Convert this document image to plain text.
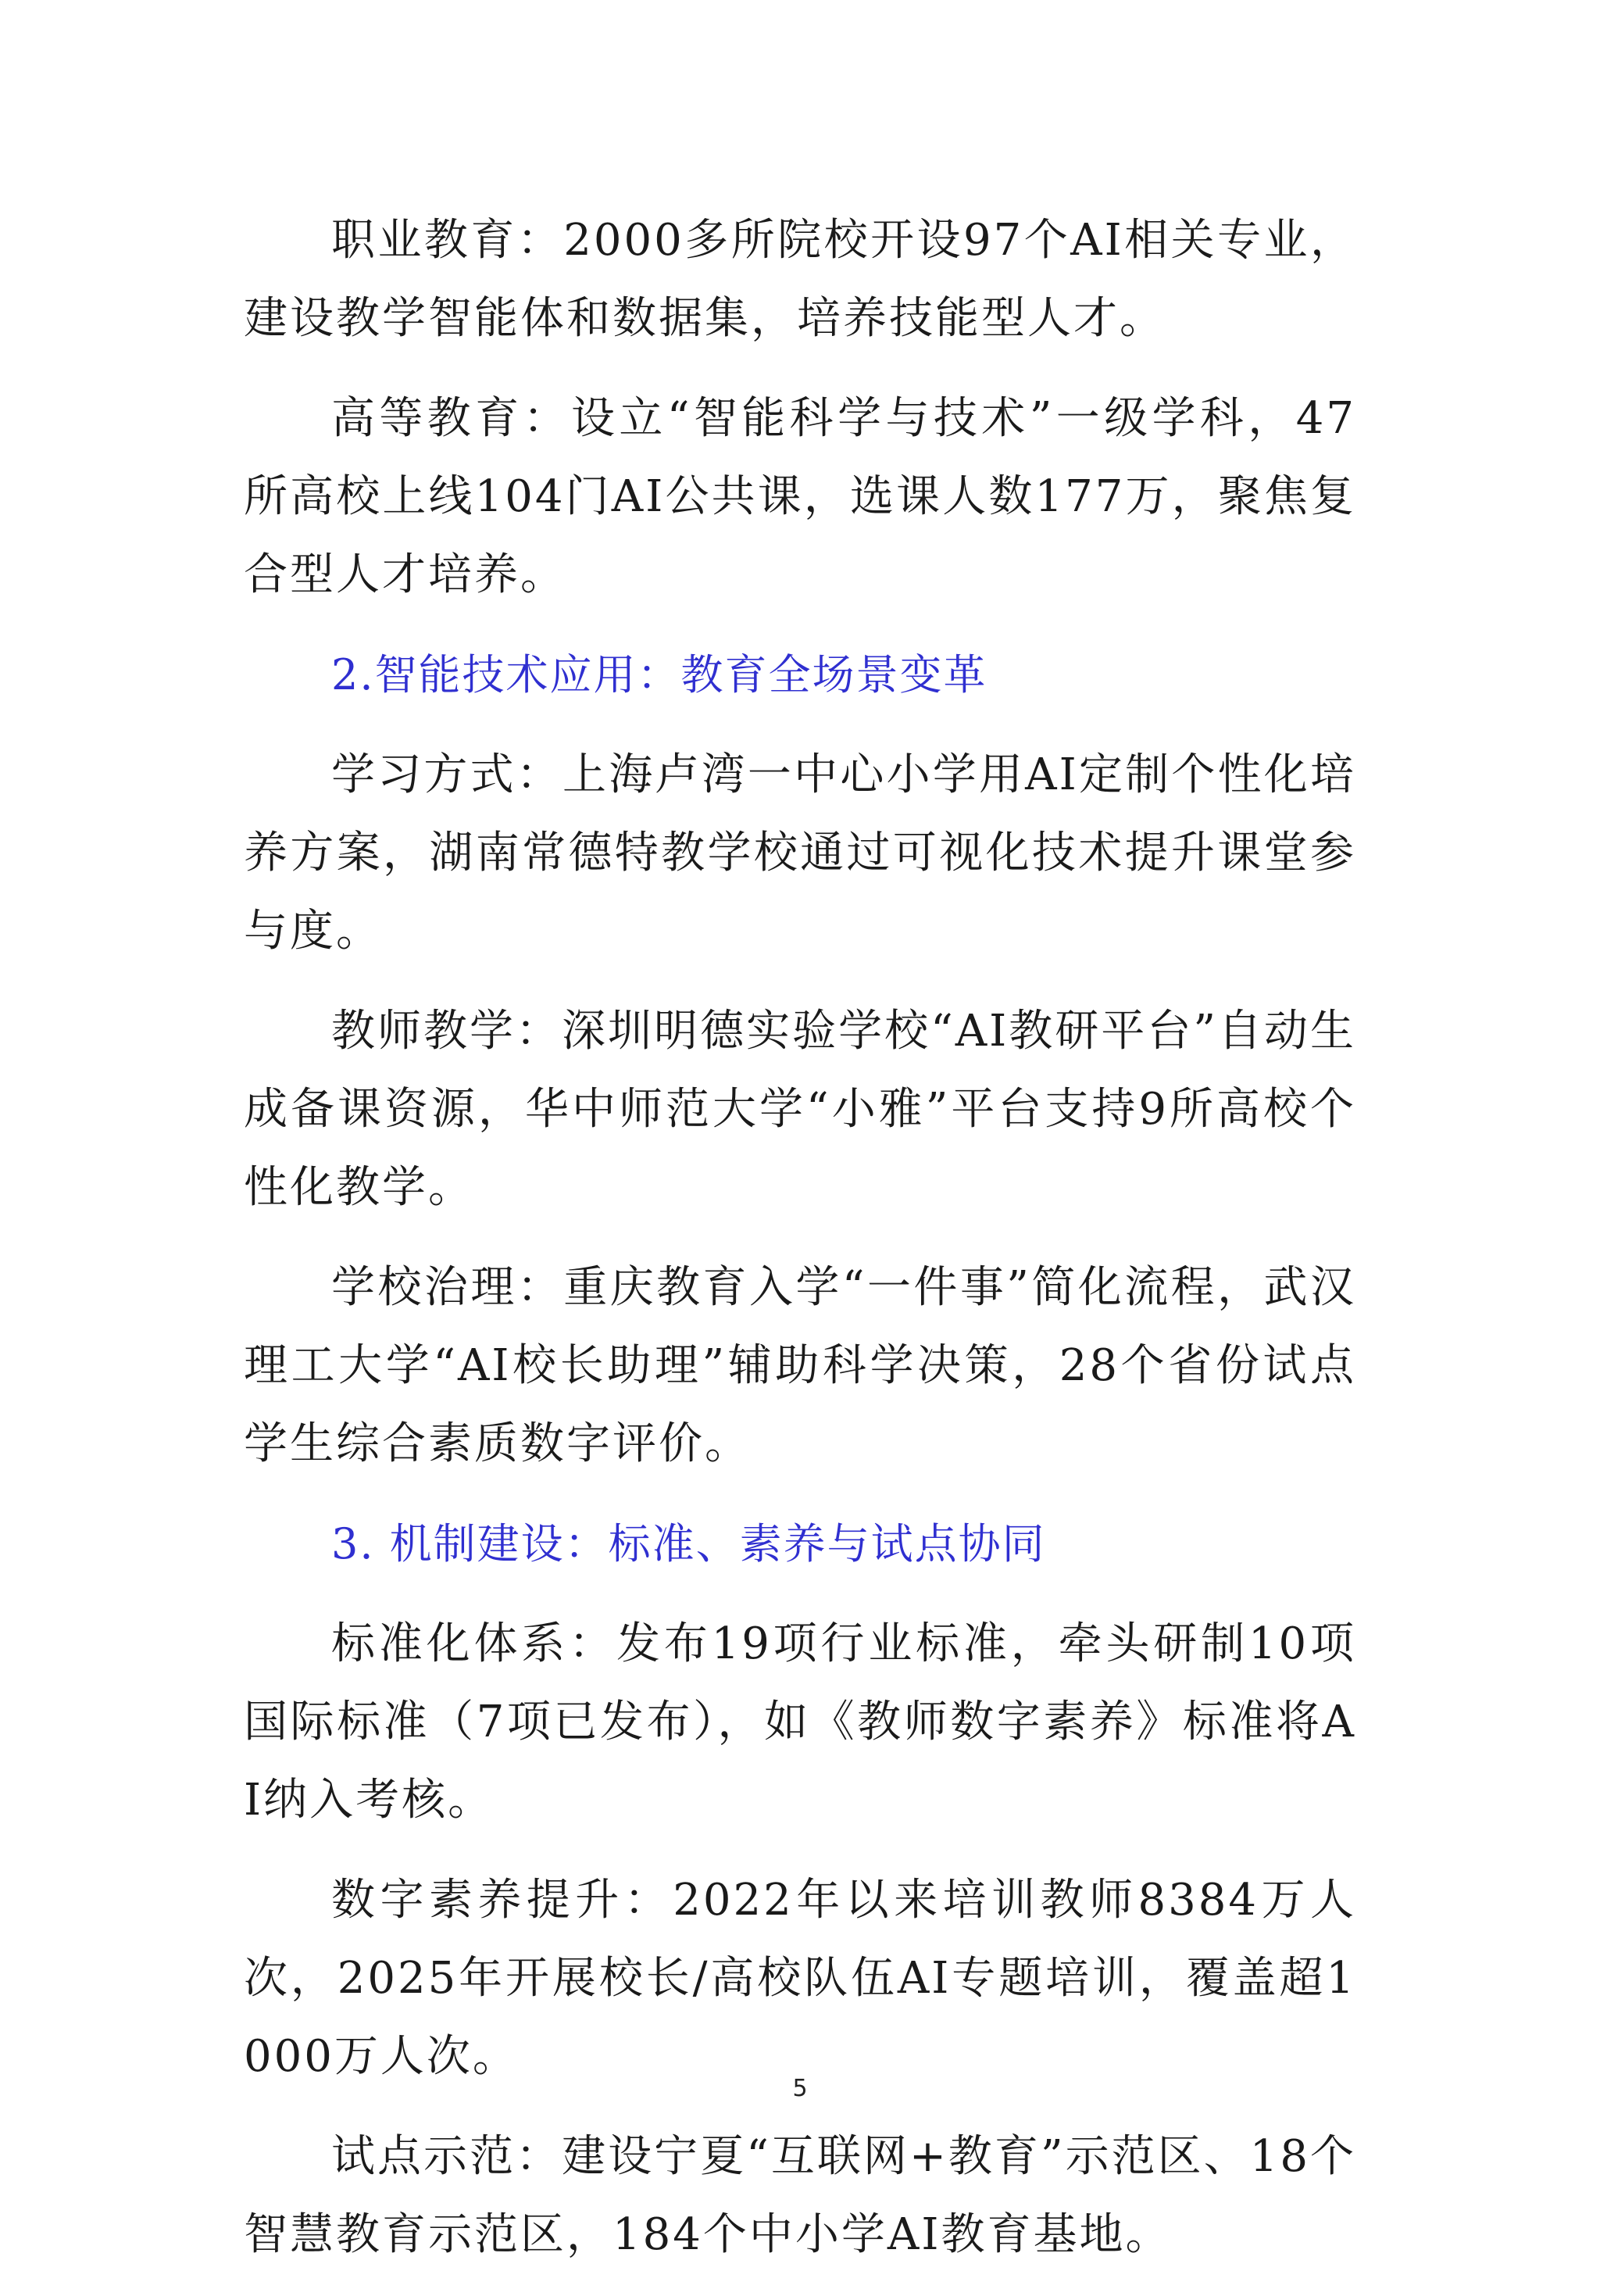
职业教育：2000多所院校开设97个AI相关专业，建设教学智能体和数据集，培养技能型人才。

高等教育：设立“智能科学与技术”一级学科，47所高校上线104门AI公共课，选课人数177万，聚焦复合型人才培养。

2.智能技术应用：教育全场景变革

学习方式：上海卢湾一中心小学用AI定制个性化培养方案，湖南常德特教学校通过可视化技术提升课堂参与度。

教师教学：深圳明德实验学校“AI教研平台”自动生成备课资源，华中师范大学“小雅”平台支持9所高校个性化教学。

学校治理：重庆教育入学“一件事”简化流程，武汉理工大学“AI校长助理”辅助科学决策，28个省份试点学生综合素质数字评价。

3. 机制建设：标准、素养与试点协同

标准化体系：发布19项行业标准，牵头研制10项国际标准（7项已发布），如《教师数字素养》标准将AI纳入考核。

数字素养提升：2022年以来培训教师8384万人次，2025年开展校长/高校队伍AI专题培训，覆盖超1000万人次。

试点示范：建设宁夏“互联网+教育”示范区、18个智慧教育示范区，184个中小学AI教育基地。

5
